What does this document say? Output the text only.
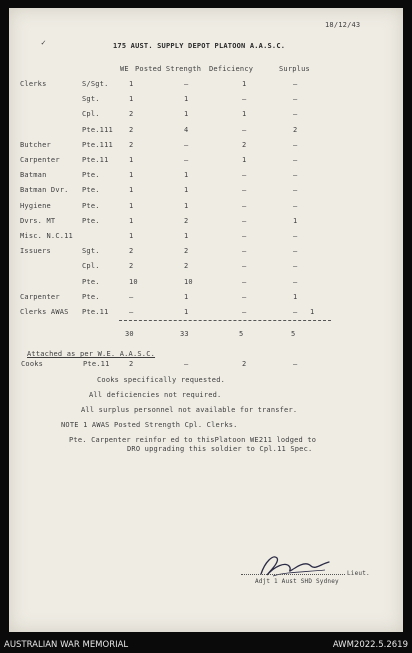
18/12/43
✓	175 AUST. SUPPLY DEPOT PLATOON A.A.S.C.
WE Posted Strength Deficiency	Surplus
Clerks	S/Sgt.	1	–	1	–
Sgt.	1	1	–	–
Cpl.	2	1	1	–
Pte.111 2	4	–	2
Butcher	Pte.111 2	–	2	–
Carpenter	Pte.11	1	–	1	–
Batman	Pte.	1	1	–	–
Batman Dvr. Pte.	1	1	–	–
Hygiene	Pte.	1	1	–	–
Dvrs. MT	Pte.	1	2	–	1
Misc. N.C.11	1	1	–	–
Issuers	Sgt.	2	2	–	–
Cpl.	2	2	–	–
Pte.	10	10	–	–
Carpenter	Pte.	–	1	–	1
Clerks AWAS Pte.11	–	1	–	– 1
30	33	5	5
Attached as per W.E. A.A.S.C.
Cooks	Pte.11	2	–	2	–
Cooks specifically requested.
All deficiencies not required.
All surplus personnel not available for transfer.
NOTE 1 AWAS Posted Strength Cpl. Clerks.
Pte. Carpenter reinfor ed to thisPlatoon WE211 lodged to
DRO upgrading this soldier to Cpl.11 Spec.
Lieut.
Adjt 1 Aust SHD Sydney
AUSTRALIAN WAR MEMORIAL	AWM2022.5.2619
